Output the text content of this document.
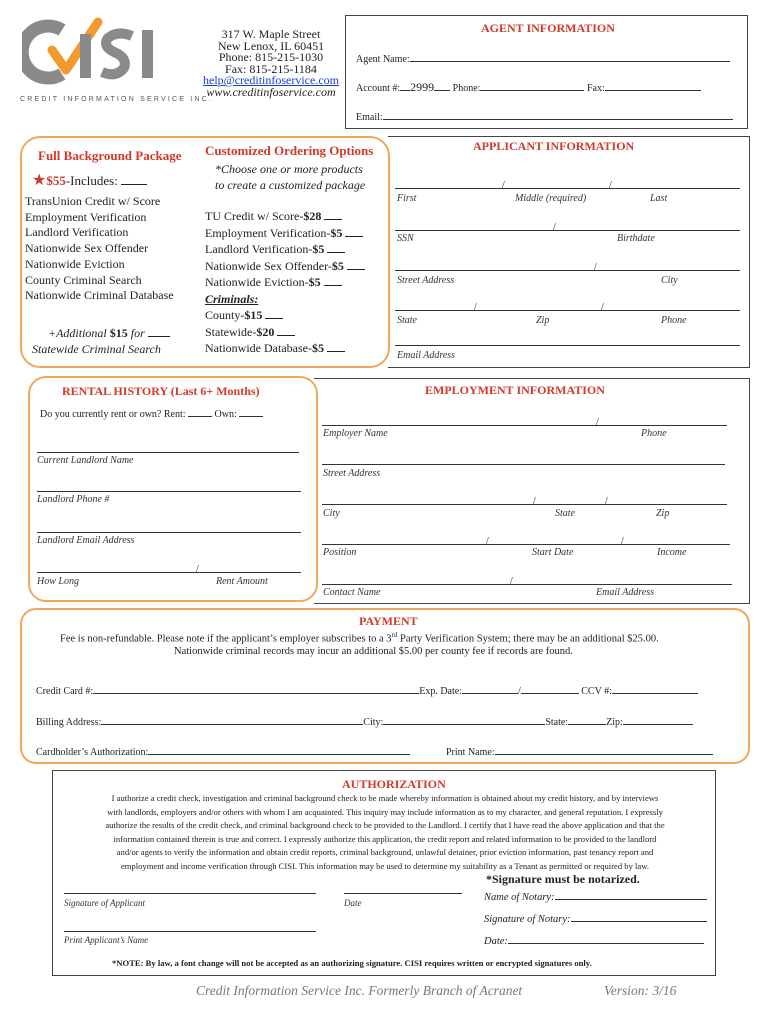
CREDIT INFORMATION SERVICE INC.
317 W. Maple Street
New Lenox, IL 60451
Phone: 815-215-1030
Fax: 815-215-1184
help@creditinfoservice.com
www.creditinfoservice.com
AGENT INFORMATION
Agent Name:
Account #: 2999 Phone:	Fax:
Email:
Full Background Package
★$55-Includes:
TransUnion Credit w/ Score
Employment Verification
Landlord Verification
Nationwide Sex Offender
Nationwide Eviction
County Criminal Search
Nationwide Criminal Database
+Additional $15 for
Statewide Criminal Search
Customized Ordering Options
*Choose one or more products
to create a customized package
TU Credit w/ Score-$28
Employment Verification-$5
Landlord Verification-$5
Nationwide Sex Offender-$5
Nationwide Eviction-$5
Criminals:
County-$15
Statewide-$20
Nationwide Database-$5
APPLICANT INFORMATION
/	/
First	Middle (required)	Last
/
SSN	Birthdate
/
Street Address	City
/	/
State	Zip	Phone
Email Address
RENTAL HISTORY (Last 6+ Months)
Do you currently rent or own? Rent:	Own:
Current Landlord Name
Landlord Phone #
Landlord Email Address
/
How Long	Rent Amount
EMPLOYMENT INFORMATION
/
Employer Name	Phone
Street Address
/	/
City	State	Zip
/	/
Position	Start Date	Income
/
Contact Name	Email Address
PAYMENT
Fee is non-refundable. Please note if the applicant’s employer subscribes to a 3rd Party Verification System; there may be an additional $25.00.
Nationwide criminal records may incur an additional $5.00 per county fee if records are found.
Credit Card #:	Exp. Date:	/	CCV #:
Billing Address:	City:	State:	Zip:
Cardholder’s Authorization:	Print Name:
AUTHORIZATION
I authorize a credit check, investigation and criminal background check to be made whereby information is obtained about my credit history, and by interviews
with landlords, employers and/or others with whom I am acquainted. This inquiry may include information as to my character, and general reputation. I expressly
authorize the results of the credit check, and criminal background check to be provided to the Landlord. I certify that I have read the above application and that the
information contained therein is true and correct. I expressly authorize this application, the credit report and related information to be provided to the landlord
and/or agents to verify the information and obtain credit reports, criminal background, unlawful detainer, prior eviction information, past tenancy report and
employment and income verification through CISI. This information may be used to determine my suitability as a Tenant as permitted or required by law.
*Signature must be notarized.
Signature of Applicant	Date	Name of Notary:
Signature of Notary:
Print Applicant’s Name	Date:
*NOTE: By law, a font change will not be accepted as an authorizing signature. CISI requires written or encrypted signatures only.
Credit Information Service Inc. Formerly Branch of Acranet	Version: 3/16
